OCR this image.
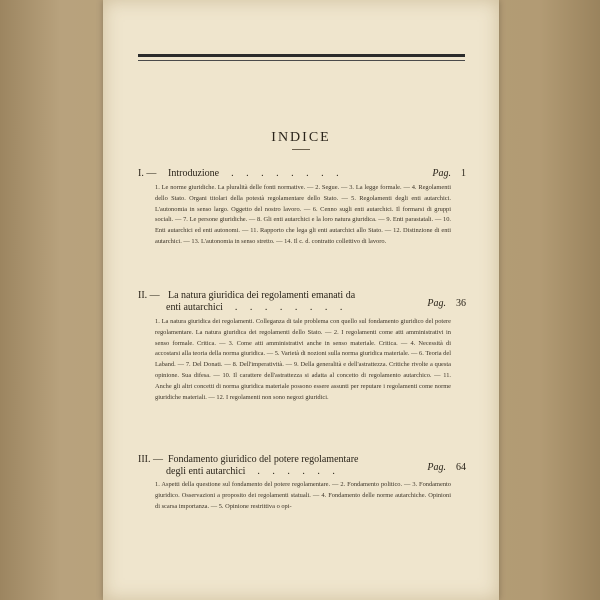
INDICE
I. — Introduzione . . . . . . . .	Pag. 1
1. Le norme giuridiche. La pluralità delle fonti normative. — 2. Segue. — 3. La legge formale. — 4. Regolamenti dello Stato. Organi titolari della potestà regolamentare dello Stato. — 5. Regolamenti degli enti autarchici. L'autonomia in senso largo. Oggetto del nostro lavoro. — 6. Cenno sugli enti autarchici. Il formarsi di gruppi sociali. — 7. Le persone giuridiche. — 8. Gli enti autarchici e la loro natura giuridica. — 9. Enti parastatali. — 10. Enti autarchici ed enti autonomi. — 11. Rapporto che lega gli enti autarchici allo Stato. — 12. Distinzione di enti autarchici. — 13. L'autonomia in senso stretto. — 14. Il c. d. contratto collettivo di lavoro.
II. — La natura giuridica dei regolamenti emanati da
enti autarchici . . . . . . . .	Pag. 36
1. La natura giuridica dei regolamenti. Colleganza di tale problema con quello sul fondamento giuridico del potere regolamentare. La natura giuridica dei regolamenti dello Stato. — 2. I regolamenti come atti amministrativi in senso formale. Critica. — 3. Come atti amministrativi anche in senso materiale. Critica. — 4. Necessità di accostarsi alla teoria della norma giuridica. — 5. Varietà di nozioni sulla norma giuridica materiale. — 6. Teoria del Laband. — 7. Del Donati. — 8. Dell'imperatività. — 9. Della generalità e dell'astrattezza. Critiche rivolte a questa opinione. Sua difesa. — 10. Il carattere dell'astrattezza si adatta al concetto di regolamento autarchico. — 11. Anche gli altri concetti di norma giuridica materiale possono essere assunti per reputare i regolamenti come norme giuridiche materiali. — 12. I regolamenti non sono negozi giuridici.
III. — Fondamento giuridico del potere regolamentare
degli enti autarchici . . . . . .	Pag. 64
1. Aspetti della questione sul fondamento del potere regolamentare. — 2. Fondamento politico. — 3. Fondamento giuridico. Osservazioni a proposito dei regolamenti statuali. — 4. Fondamento delle norme autarchiche. Opinioni di scarsa importanza. — 5. Opinione restrittiva o opi-
